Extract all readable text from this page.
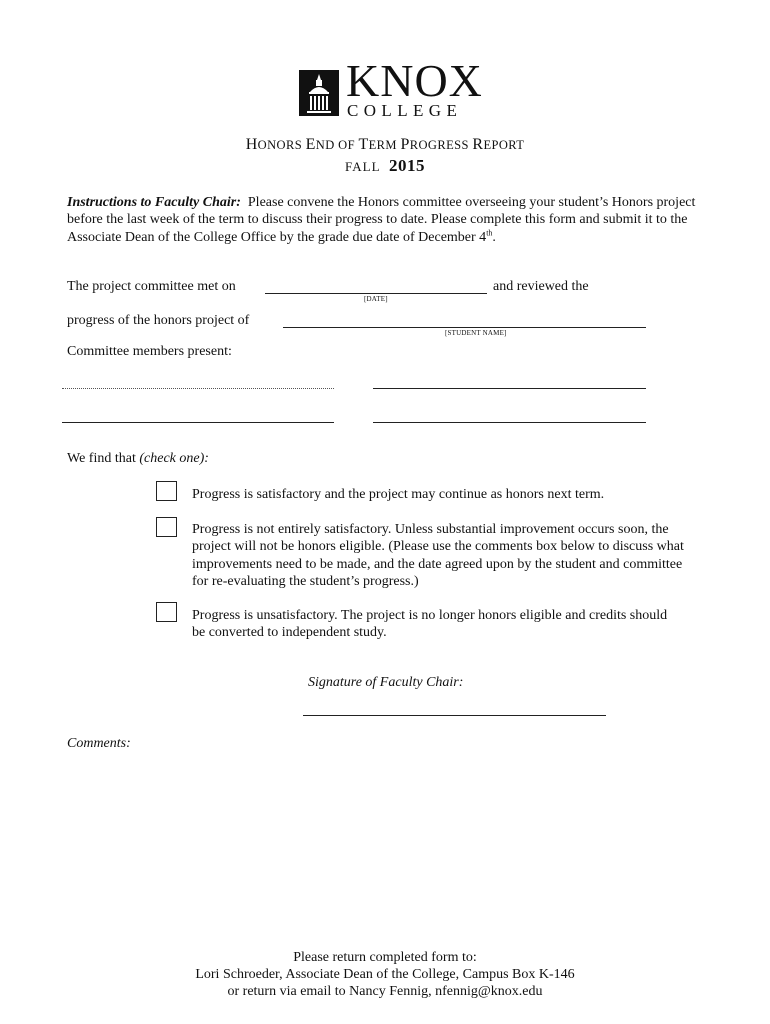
KNOX
COLLEGE
HONORS END OF TERM PROGRESS REPORT
FALL 2015

Instructions to Faculty Chair: Please convene the Honors committee overseeing your student’s Honors project before the last week of the term to discuss their progress to date. Please complete this form and submit it to the Associate Dean of the College Office by the grade due date of December 4th.

The project committee met on
[DATE]
and reviewed the
progress of the honors project of
[STUDENT NAME]
Committee members present:
We find that (check one):

Progress is satisfactory and the project may continue as honors next term.

Progress is not entirely satisfactory. Unless substantial improvement occurs soon, the project will not be honors eligible. (Please use the comments box below to discuss what improvements need to be made, and the date agreed upon by the student and committee for re-evaluating the student’s progress.)

Progress is unsatisfactory. The project is no longer honors eligible and credits should be converted to independent study.

Signature of Faculty Chair:
Comments:
Please return completed form to:
Lori Schroeder, Associate Dean of the College, Campus Box K-146
or return via email to Nancy Fennig, nfennig@knox.edu
